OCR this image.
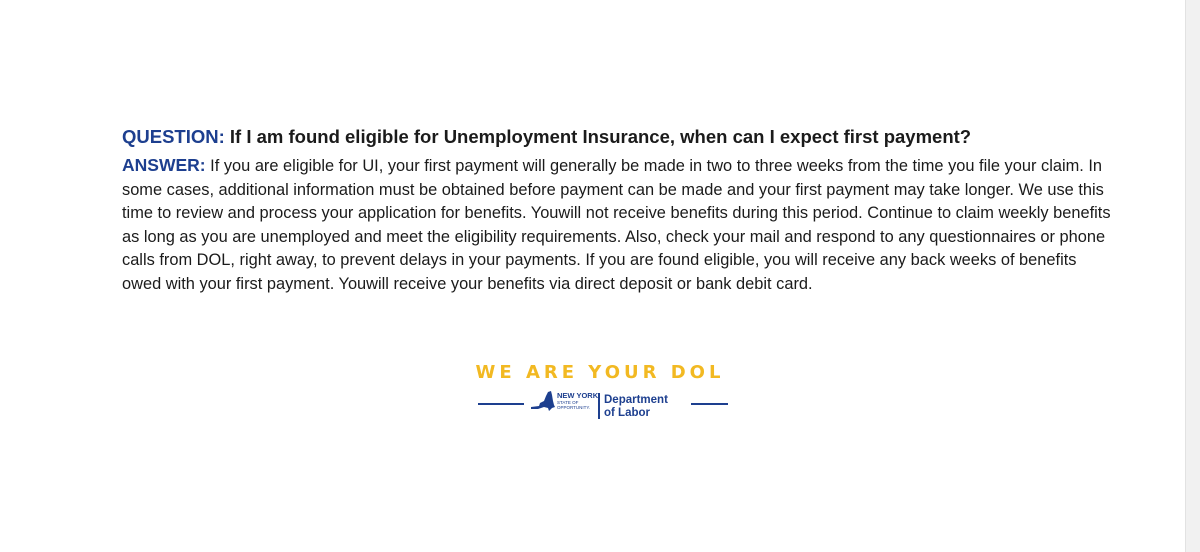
QUESTION: If I am found eligible for Unemployment Insurance, when can I expect first payment?

ANSWER: If you are eligible for UI, your first payment will generally be made in two to three weeks from the time you file your claim. In some cases, additional information must be obtained before payment can be made and your first payment may take longer. We use this time to review and process your application for benefits. Youwill not receive benefits during this period. Continue to claim weekly benefits as long as you are unemployed and meet the eligibility requirements. Also, check your mail and respond to any questionnaires or phone calls from DOL, right away, to prevent delays in your payments. If you are found eligible, you will receive any back weeks of benefits owed with your first payment. Youwill receive your benefits via direct deposit or bank debit card.

WE ARE YOUR DOL
NEW YORK
STATE OF
OPPORTUNITY.
Department
of Labor
